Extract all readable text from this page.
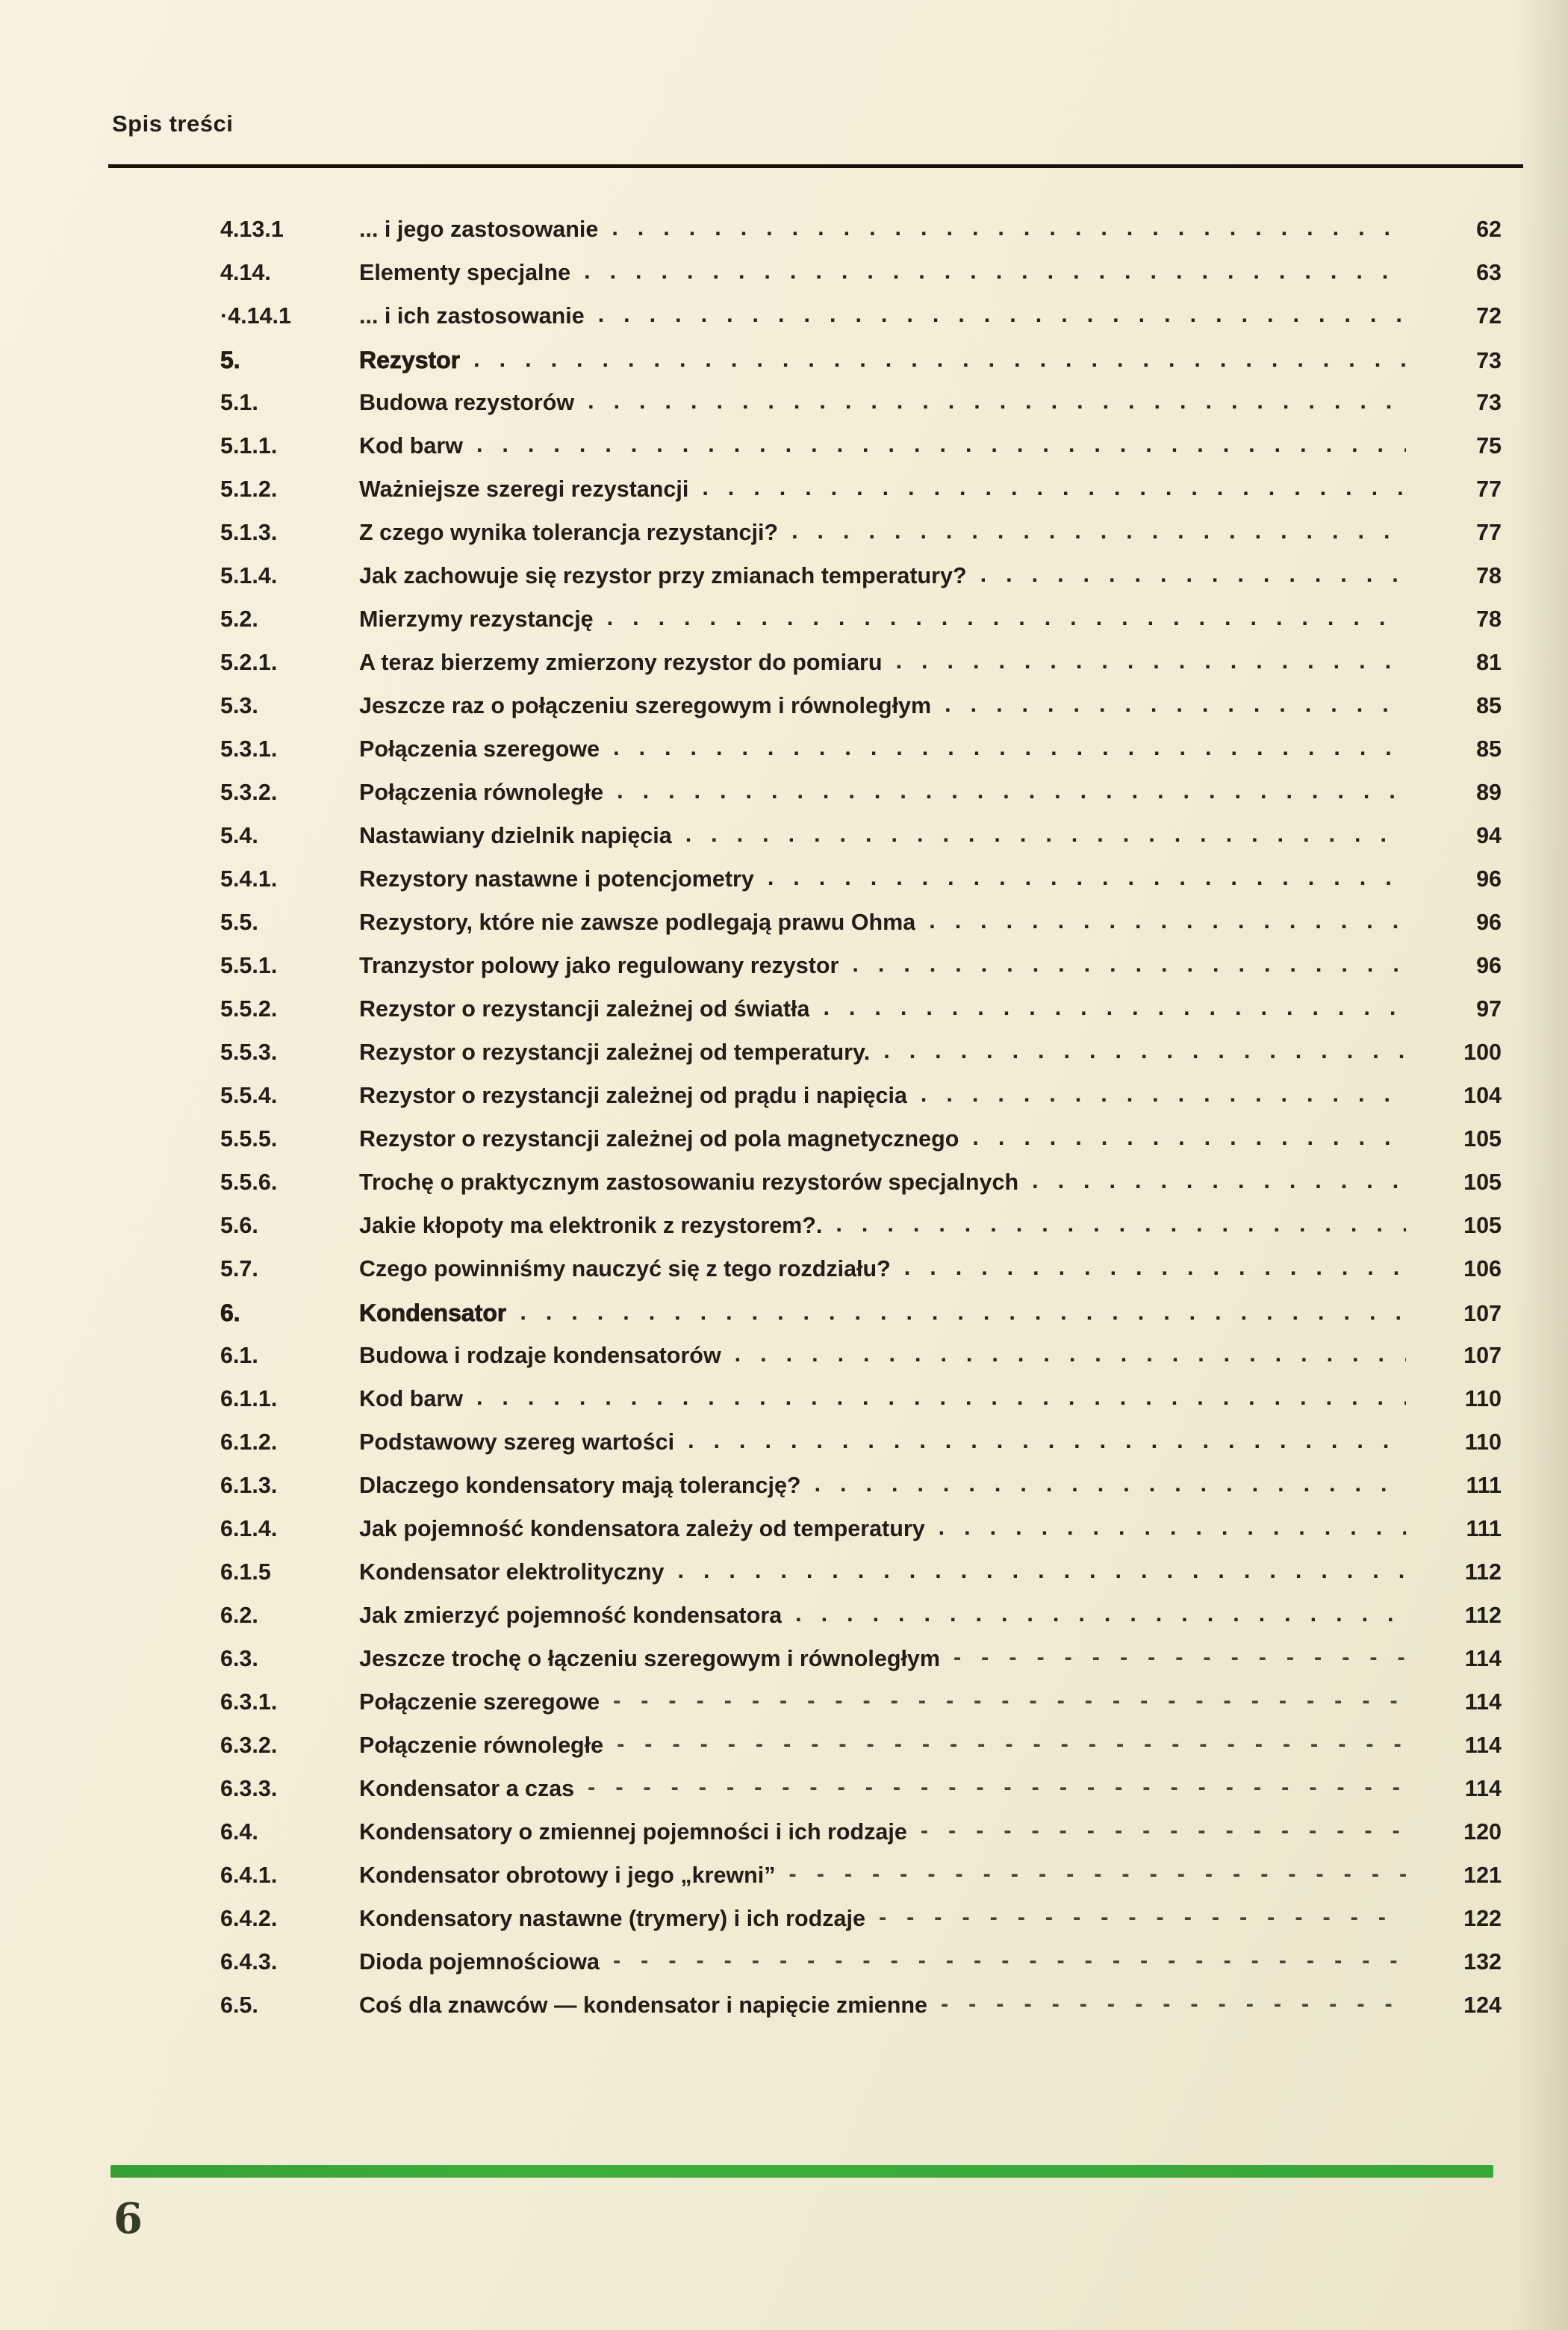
Spis treści
4.13.1	... i jego zastosowanie .....	62
4.14.	Elementy specjalne .....	63
·4.14.1	... i ich zastosowanie .....	72
5.	Rezystor .....	73
5.1.	Budowa rezystorów .....	73
5.1.1.	Kod barw .....	75
5.1.2.	Ważniejsze szeregi rezystancji .....	77
5.1.3.	Z czego wynika tolerancja rezystancji? .....	77
5.1.4.	Jak zachowuje się rezystor przy zmianach temperatury? .....	78
5.2.	Mierzymy rezystancję .....	78
5.2.1.	A teraz bierzemy zmierzony rezystor do pomiaru .....	81
5.3.	Jeszcze raz o połączeniu szeregowym i równoległym .....	85
5.3.1.	Połączenia szeregowe .....	85
5.3.2.	Połączenia równoległe .....	89
5.4.	Nastawiany dzielnik napięcia .....	94
5.4.1.	Rezystory nastawne i potencjometry .....	96
5.5.	Rezystory, które nie zawsze podlegają prawu Ohma .....	96
5.5.1.	Tranzystor polowy jako regulowany rezystor .....	96
5.5.2.	Rezystor o rezystancji zależnej od światła .....	97
5.5.3.	Rezystor o rezystancji zależnej od temperatury. .....	100
5.5.4.	Rezystor o rezystancji zależnej od prądu i napięcia .....	104
5.5.5.	Rezystor o rezystancji zależnej od pola magnetycznego .....	105
5.5.6.	Trochę o praktycznym zastosowaniu rezystorów specjalnych .....	105
5.6.	Jakie kłopoty ma elektronik z rezystorem?. .....	105
5.7.	Czego powinniśmy nauczyć się z tego rozdziału? .....	106
6.	Kondensator .....	107
6.1.	Budowa i rodzaje kondensatorów .....	107
6.1.1.	Kod barw .....	110
6.1.2.	Podstawowy szereg wartości .....	110
6.1.3.	Dlaczego kondensatory mają tolerancję? .....	111
6.1.4.	Jak pojemność kondensatora zależy od temperatury .....	111
6.1.5	Kondensator elektrolityczny .....	112
6.2.	Jak zmierzyć pojemność kondensatora .....	112
6.3.	Jeszcze trochę o łączeniu szeregowym i równoległym -----	114
6.3.1.	Połączenie szeregowe -----	114
6.3.2.	Połączenie równoległe -----	114
6.3.3.	Kondensator a czas -----	114
6.4.	Kondensatory o zmiennej pojemności i ich rodzaje -----	120
6.4.1.	Kondensator obrotowy i jego „krewni” -----	121
6.4.2.	Kondensatory nastawne (trymery) i ich rodzaje -----	122
6.4.3.	Dioda pojemnościowa -----	132
6.5.	Coś dla znawców — kondensator i napięcie zmienne -----	124
6
